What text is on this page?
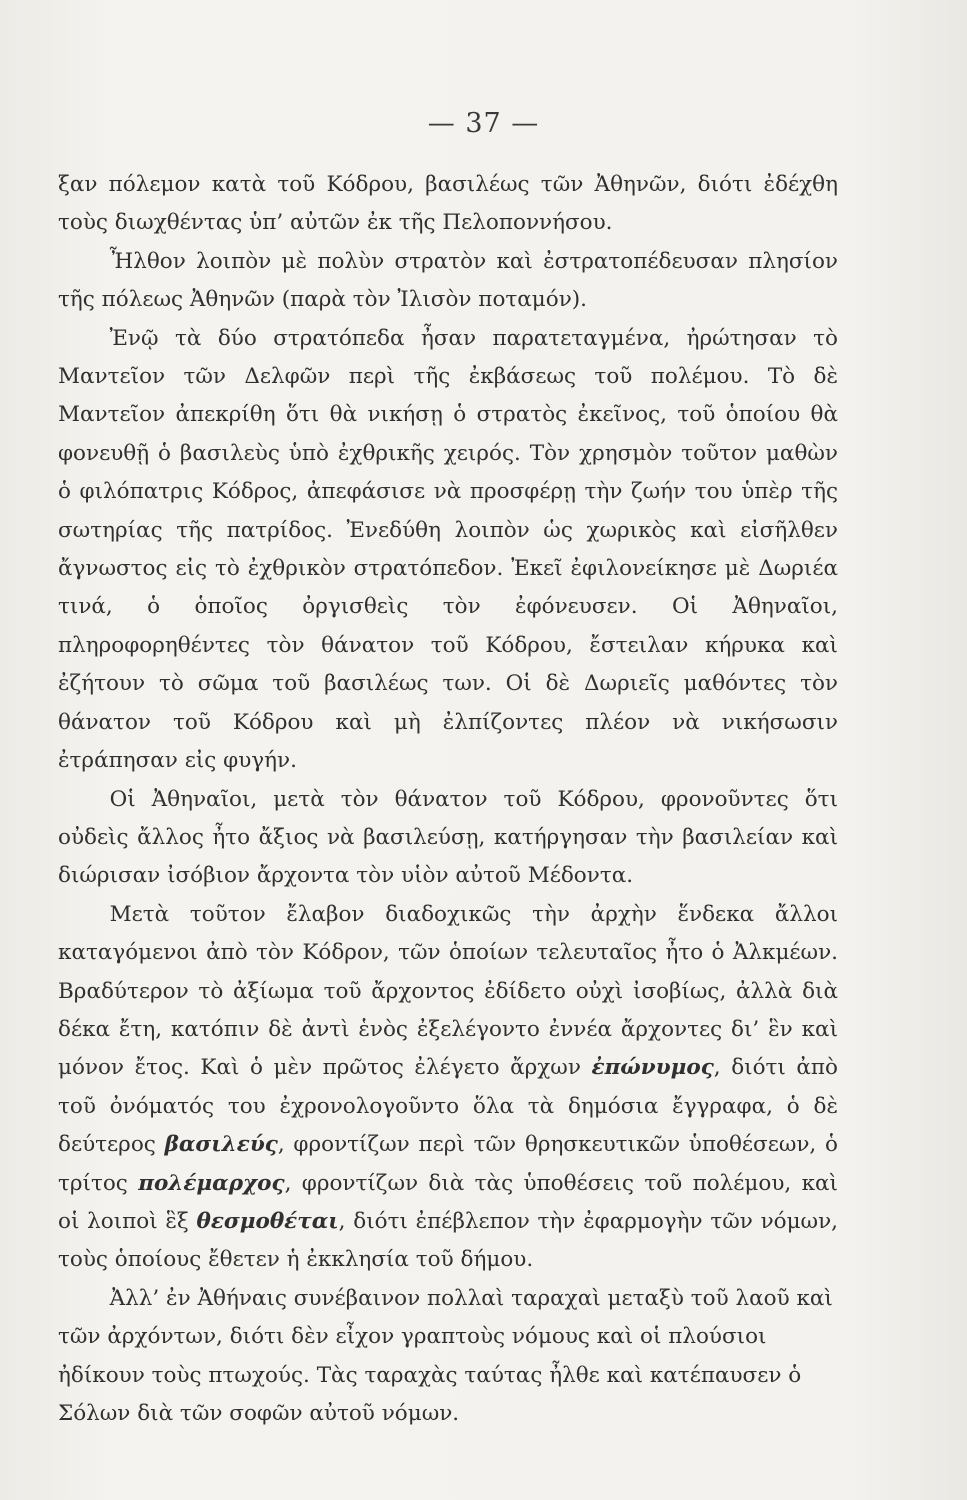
— 37 —

ξαν πόλεμον κατὰ τοῦ Κόδρου, βασιλέως τῶν Ἀθηνῶν, διότι ἐδέχθη τοὺς διωχθέντας ὑπ’ αὐτῶν ἐκ τῆς Πελοποννήσου.

Ἦλθον λοιπὸν μὲ πολὺν στρατὸν καὶ ἐστρατοπέδευσαν πλησίον τῆς πόλεως Ἀθηνῶν (παρὰ τὸν Ἰλισὸν ποταμόν).

Ἐνῷ τὰ δύο στρατόπεδα ἦσαν παρατεταγμένα, ἠρώτησαν τὸ Μαντεῖον τῶν Δελφῶν περὶ τῆς ἐκβάσεως τοῦ πολέμου. Τὸ δὲ Μαντεῖον ἀπεκρίθη ὅτι θὰ νικήσῃ ὁ στρατὸς ἐκεῖνος, τοῦ ὁποίου θὰ φονευθῇ ὁ βασιλεὺς ὑπὸ ἐχθρικῆς χειρός. Τὸν χρησμὸν τοῦτον μαθὼν ὁ φιλόπατρις Κόδρος, ἀπεφάσισε νὰ προσφέρῃ τὴν ζωήν του ὑπὲρ τῆς σωτηρίας τῆς πατρίδος. Ἐνεδύθη λοιπὸν ὡς χωρικὸς καὶ εἰσῆλθεν ἄγνωστος εἰς τὸ ἐχθρικὸν στρατόπεδον. Ἐκεῖ ἐφιλονείκησε μὲ Δωριέα τινά, ὁ ὁποῖος ὀργισθεὶς τὸν ἐφόνευσεν. Οἱ Ἀθηναῖοι, πληροφορηθέντες τὸν θάνατον τοῦ Κόδρου, ἔστειλαν κήρυκα καὶ ἐζήτουν τὸ σῶμα τοῦ βασιλέως των. Οἱ δὲ Δωριεῖς μαθόντες τὸν θάνατον τοῦ Κόδρου καὶ μὴ ἐλπίζοντες πλέον νὰ νικήσωσιν ἐτράπησαν εἰς φυγήν.

Οἱ Ἀθηναῖοι, μετὰ τὸν θάνατον τοῦ Κόδρου, φρονοῦντες ὅτι οὐδεὶς ἄλλος ἦτο ἄξιος νὰ βασιλεύσῃ, κατήργησαν τὴν βασιλείαν καὶ διώρισαν ἰσόβιον ἄρχοντα τὸν υἱὸν αὐτοῦ Μέδοντα.

Μετὰ τοῦτον ἔλαβον διαδοχικῶς τὴν ἀρχὴν ἕνδεκα ἄλλοι καταγόμενοι ἀπὸ τὸν Κόδρον, τῶν ὁποίων τελευταῖος ἦτο ὁ Ἀλκμέων. Βραδύτερον τὸ ἀξίωμα τοῦ ἄρχοντος ἐδίδετο οὐχὶ ἰσοβίως, ἀλλὰ διὰ δέκα ἔτη, κατόπιν δὲ ἀντὶ ἑνὸς ἐξελέγοντο ἐννέα ἄρχοντες δι’ ἓν καὶ μόνον ἔτος. Καὶ ὁ μὲν πρῶτος ἐλέγετο ἄρχων ἐπώνυμος, διότι ἀπὸ τοῦ ὀνόματός του ἐχρονολογοῦντο ὅλα τὰ δημόσια ἔγγραφα, ὁ δὲ δεύτερος βασιλεύς, φροντίζων περὶ τῶν θρησκευτικῶν ὑποθέσεων, ὁ τρίτος πολέμαρχος, φροντίζων διὰ τὰς ὑποθέσεις τοῦ πολέμου, καὶ οἱ λοιποὶ ἓξ θεσμοθέται, διότι ἐπέβλεπον τὴν ἐφαρμογὴν τῶν νόμων, τοὺς ὁποίους ἔθετεν ἡ ἐκκλησία τοῦ δήμου.

Ἀλλ’ ἐν Ἀθήναις συνέβαινον πολλαὶ ταραχαὶ μεταξὺ τοῦ λαοῦ καὶ τῶν ἀρχόντων, διότι δὲν εἶχον γραπτοὺς νόμους καὶ οἱ πλούσιοι ἠδίκουν τοὺς πτωχούς. Τὰς ταραχὰς ταύτας ἦλθε καὶ κατέπαυσεν ὁ Σόλων διὰ τῶν σοφῶν αὐτοῦ νόμων.
